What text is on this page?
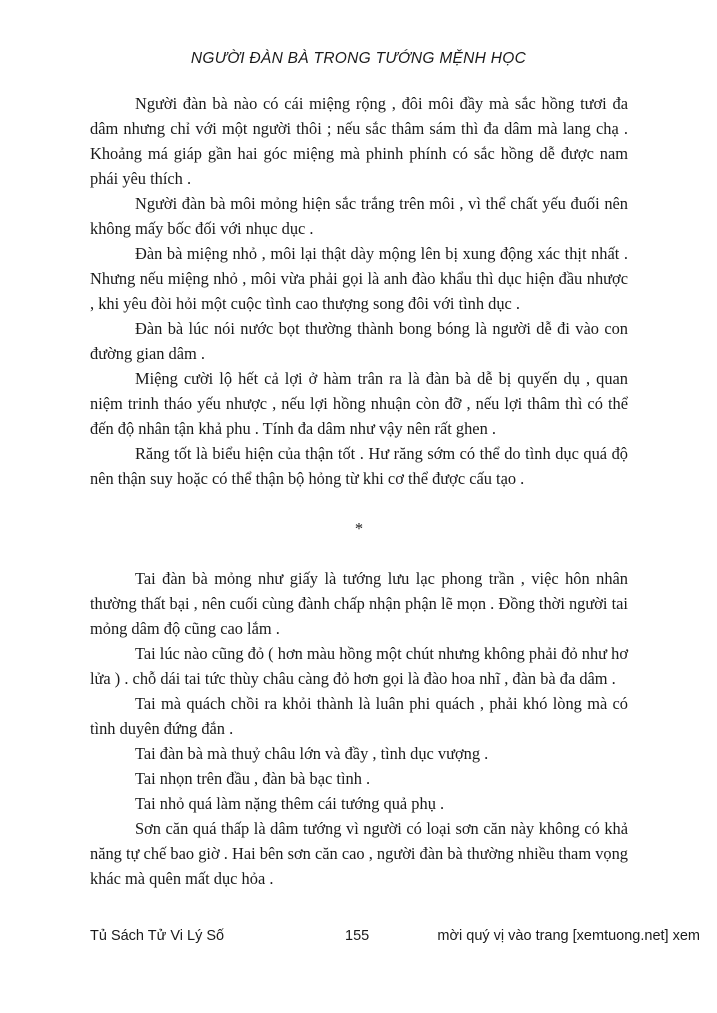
NGƯỜI ĐÀN BÀ TRONG TƯỚNG MỆNH HỌC

Người đàn bà nào có cái miệng rộng , đôi môi đầy mà sắc hồng tươi đa dâm nhưng chỉ với một người thôi ; nếu sắc thâm sám thì đa dâm mà lang chạ . Khoảng má giáp gần hai góc miệng mà phinh phính có sắc hồng dễ được nam phái yêu thích .

Người đàn bà môi mỏng hiện sắc trắng trên môi , vì thể chất yếu đuối nên không mấy bốc đối với nhục dục .

Đàn bà miệng nhỏ , môi lại thật dày mộng lên bị xung động xác thịt nhất . Nhưng nếu miệng nhỏ , môi vừa phải gọi là anh đào khẩu thì dục hiện đầu nhược , khi yêu đòi hỏi một cuộc tình cao thượng song đôi với tình dục .

Đàn bà lúc nói nước bọt thường thành bong bóng là người dễ đi vào con đường gian dâm .

Miệng cười lộ hết cả lợi ở hàm trân ra là đàn bà dễ bị quyến dụ , quan niệm trinh tháo yếu nhược , nếu lợi hồng nhuận còn đỡ , nếu lợi thâm thì có thể đến độ nhân tận khả phu . Tính đa dâm như vậy nên rất ghen .

Răng tốt là biểu hiện của thận tốt . Hư răng sớm có thể do tình dục quá độ nên thận suy hoặc có thể thận bộ hỏng từ khi cơ thể được cấu tạo .

*

Tai đàn bà mỏng như giấy là tướng lưu lạc phong trần , việc hôn nhân thường thất bại , nên cuối cùng đành chấp nhận phận lẽ mọn . Đồng thời người tai mỏng dâm độ cũng cao lắm .

Tai lúc nào cũng đỏ ( hơn màu hồng một chút nhưng không phải đỏ như hơ lửa ) . chỗ dái tai tức thùy châu càng đỏ hơn gọi là đào hoa nhĩ , đàn bà đa dâm .

Tai mà quách chồi ra khỏi thành là luân phi quách , phải khó lòng mà có tình duyên đứng đắn .

Tai đàn bà mà thuỷ châu lớn và đầy , tình dục vượng .

Tai nhọn trên đầu , đàn bà bạc tình .

Tai nhỏ quá làm nặng thêm cái tướng quả phụ .

Sơn căn quá thấp là dâm tướng vì người có loại sơn căn này không có khả năng tự chế bao giờ . Hai bên sơn căn cao , người đàn bà thường nhiều tham vọng khác mà quên mất dục hỏa .

Tủ Sách Tử Vi Lý Số	155	mời quý vị vào trang [xemtuong.net] xem
